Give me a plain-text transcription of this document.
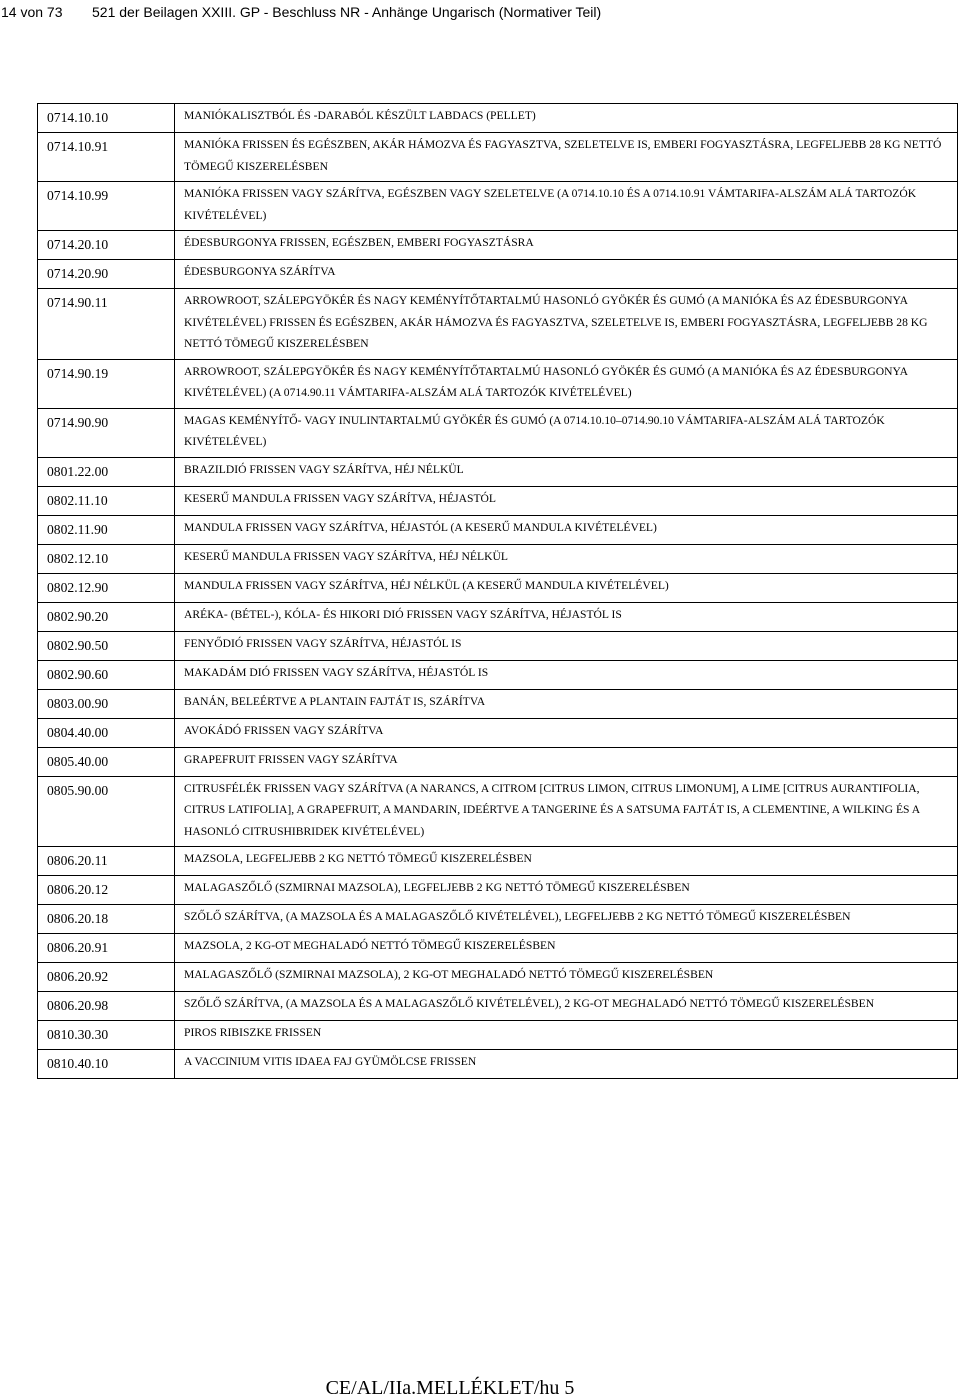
14 von 73 521 der Beilagen XXIII. GP - Beschluss NR - Anhänge Ungarisch (Normativer Teil)
0714.10.10	MANIÓKALISZTBÓL ÉS -DARABÓL KÉSZÜLT LABDACS (PELLET)
0714.10.91	MANIÓKA FRISSEN ÉS EGÉSZBEN, AKÁR HÁMOZVA ÉS FAGYASZTVA, SZELETELVE IS, EMBERI FOGYASZTÁSRA, LEGFELJEBB 28 KG NETTÓ TÖMEGŰ KISZERELÉSBEN
0714.10.99	MANIÓKA FRISSEN VAGY SZÁRÍTVA, EGÉSZBEN VAGY SZELETELVE (A 0714.10.10 ÉS A 0714.10.91 VÁMTARIFA-ALSZÁM ALÁ TARTOZÓK KIVÉTELÉVEL)
0714.20.10	ÉDESBURGONYA FRISSEN, EGÉSZBEN, EMBERI FOGYASZTÁSRA
0714.20.90	ÉDESBURGONYA SZÁRÍTVA
0714.90.11	ARROWROOT, SZÁLEPGYÖKÉR ÉS NAGY KEMÉNYÍTŐTARTALMÚ HASONLÓ GYÖKÉR ÉS GUMÓ (A MANIÓKA ÉS AZ ÉDESBURGONYA KIVÉTELÉVEL) FRISSEN ÉS EGÉSZBEN, AKÁR HÁMOZVA ÉS FAGYASZTVA, SZELETELVE IS, EMBERI FOGYASZTÁSRA, LEGFELJEBB 28 KG NETTÓ TÖMEGŰ KISZERELÉSBEN
0714.90.19	ARROWROOT, SZÁLEPGYÖKÉR ÉS NAGY KEMÉNYÍTŐTARTALMÚ HASONLÓ GYÖKÉR ÉS GUMÓ (A MANIÓKA ÉS AZ ÉDESBURGONYA KIVÉTELÉVEL) (A 0714.90.11 VÁMTARIFA-ALSZÁM ALÁ TARTOZÓK KIVÉTELÉVEL)
0714.90.90	MAGAS KEMÉNYÍTŐ- VAGY INULINTARTALMÚ GYÖKÉR ÉS GUMÓ (A 0714.10.10–0714.90.10 VÁMTARIFA-ALSZÁM ALÁ TARTOZÓK KIVÉTELÉVEL)
0801.22.00	BRAZILDIÓ FRISSEN VAGY SZÁRÍTVA, HÉJ NÉLKÜL
0802.11.10	KESERŰ MANDULA FRISSEN VAGY SZÁRÍTVA, HÉJASTÓL
0802.11.90	MANDULA FRISSEN VAGY SZÁRÍTVA, HÉJASTÓL (A KESERŰ MANDULA KIVÉTELÉVEL)
0802.12.10	KESERŰ MANDULA FRISSEN VAGY SZÁRÍTVA, HÉJ NÉLKÜL
0802.12.90	MANDULA FRISSEN VAGY SZÁRÍTVA, HÉJ NÉLKÜL (A KESERŰ MANDULA KIVÉTELÉVEL)
0802.90.20	ARÉKA- (BÉTEL-), KÓLA- ÉS HIKORI DIÓ FRISSEN VAGY SZÁRÍTVA, HÉJASTÓL IS
0802.90.50	FENYŐDIÓ FRISSEN VAGY SZÁRÍTVA, HÉJASTÓL IS
0802.90.60	MAKADÁM DIÓ FRISSEN VAGY SZÁRÍTVA, HÉJASTÓL IS
0803.00.90	BANÁN, BELEÉRTVE A PLANTAIN FAJTÁT IS, SZÁRÍTVA
0804.40.00	AVOKÁDÓ FRISSEN VAGY SZÁRÍTVA
0805.40.00	GRAPEFRUIT FRISSEN VAGY SZÁRÍTVA
0805.90.00	CITRUSFÉLÉK FRISSEN VAGY SZÁRÍTVA (A NARANCS, A CITROM [CITRUS LIMON, CITRUS LIMONUM], A LIME [CITRUS AURANTIFOLIA, CITRUS LATIFOLIA], A GRAPEFRUIT, A MANDARIN, IDEÉRTVE A TANGERINE ÉS A SATSUMA FAJTÁT IS, A CLEMENTINE, A WILKING ÉS A HASONLÓ CITRUSHIBRIDEK KIVÉTELÉVEL)
0806.20.11	MAZSOLA, LEGFELJEBB 2 KG NETTÓ TÖMEGŰ KISZERELÉSBEN
0806.20.12	MALAGASZŐLŐ (SZMIRNAI MAZSOLA), LEGFELJEBB 2 KG NETTÓ TÖMEGŰ KISZERELÉSBEN
0806.20.18	SZŐLŐ SZÁRÍTVA, (A MAZSOLA ÉS A MALAGASZŐLŐ KIVÉTELÉVEL), LEGFELJEBB 2 KG NETTÓ TÖMEGŰ KISZERELÉSBEN
0806.20.91	MAZSOLA, 2 KG-OT MEGHALADÓ NETTÓ TÖMEGŰ KISZERELÉSBEN
0806.20.92	MALAGASZŐLŐ (SZMIRNAI MAZSOLA), 2 KG-OT MEGHALADÓ NETTÓ TÖMEGŰ KISZERELÉSBEN
0806.20.98	SZŐLŐ SZÁRÍTVA, (A MAZSOLA ÉS A MALAGASZŐLŐ KIVÉTELÉVEL), 2 KG-OT MEGHALADÓ NETTÓ TÖMEGŰ KISZERELÉSBEN
0810.30.30	PIROS RIBISZKE FRISSEN
0810.40.10	A VACCINIUM VITIS IDAEA FAJ GYÜMÖLCSE FRISSEN
CE/AL/IIa.MELLÉKLET/hu 5
